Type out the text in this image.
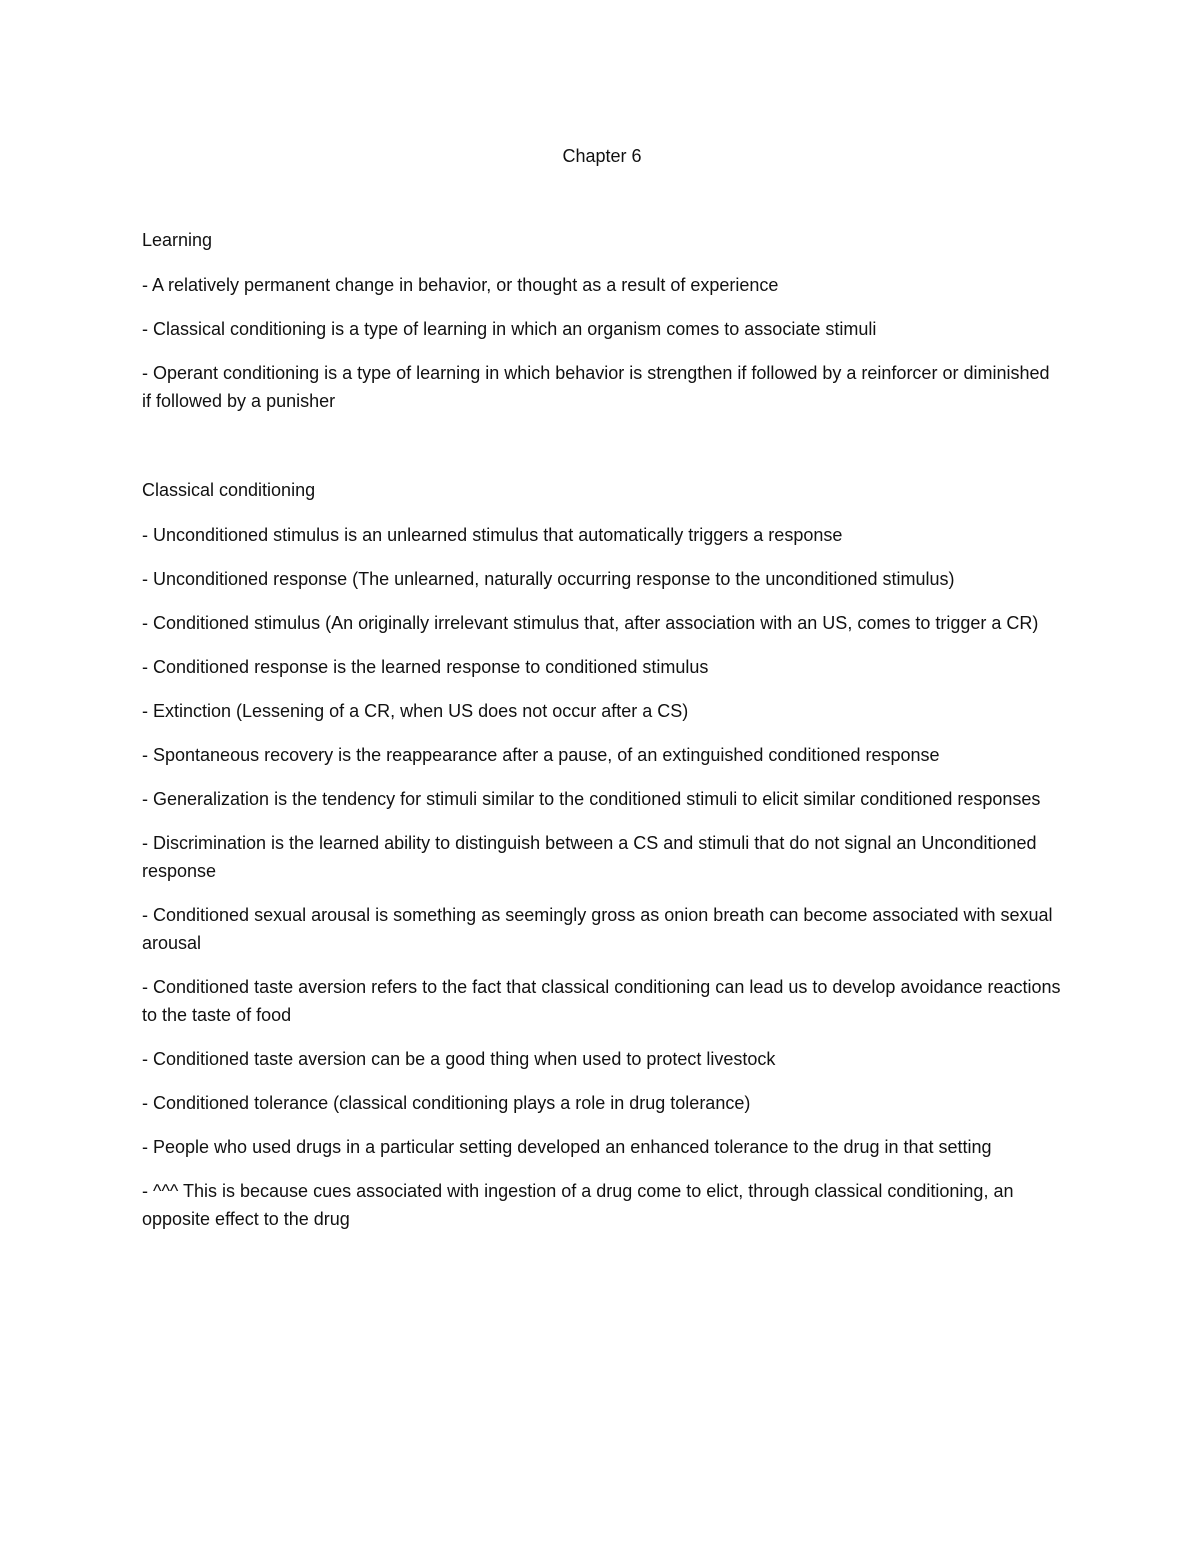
Chapter 6
Learning
- A relatively permanent change in behavior, or thought as a result of experience
- Classical conditioning is a type of learning in which an organism comes to associate stimuli
- Operant conditioning is a type of learning in which behavior is strengthen if followed by a reinforcer or diminished if followed by a punisher
Classical conditioning
- Unconditioned stimulus is an unlearned stimulus that automatically triggers a response
- Unconditioned response (The unlearned, naturally occurring response to the unconditioned stimulus)
- Conditioned stimulus (An originally irrelevant stimulus that, after association with an US, comes to trigger a CR)
- Conditioned response is the learned response to conditioned stimulus
- Extinction (Lessening of a CR, when US does not occur after a CS)
- Spontaneous recovery is the reappearance after a pause, of an extinguished conditioned response
- Generalization is the tendency for stimuli similar to the conditioned stimuli to elicit similar conditioned responses
- Discrimination is the learned ability to distinguish between a CS and stimuli that do not signal an Unconditioned response
- Conditioned sexual arousal is something as seemingly gross as onion breath can become associated with sexual arousal
- Conditioned taste aversion refers to the fact that classical conditioning can lead us to develop avoidance reactions to the taste of food
- Conditioned taste aversion can be a good thing when used to protect livestock
- Conditioned tolerance (classical conditioning plays a role in drug tolerance)
- People who used drugs in a particular setting developed an enhanced tolerance to the drug in that setting
- ^^^ This is because cues associated with ingestion of a drug come to elict, through classical conditioning, an opposite effect to the drug
